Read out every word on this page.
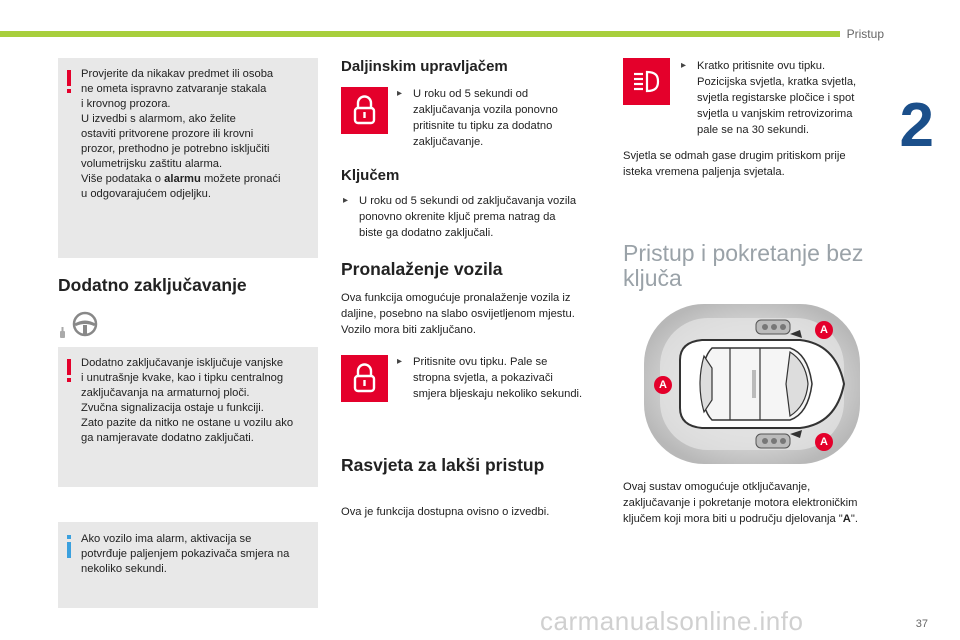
Pristup
2
37
carmanualsonline.info
Provjerite da nikakav predmet ili osoba
ne ometa ispravno zatvaranje stakala
i krovnog prozora.
U izvedbi s alarmom, ako želite
ostaviti pritvorene prozore ili krovni
prozor, prethodno je potrebno isključiti
volumetrijsku zaštitu alarma.
Više podataka o alarmu možete pronaći
u odgovarajućem odjeljku.
Dodatno zaključavanje
Dodatno zaključavanje isključuje vanjske
i unutrašnje kvake, kao i tipku centralnog
zaključavanja na armaturnoj ploči.
Zvučna signalizacija ostaje u funkciji.
Zato pazite da nitko ne ostane u vozilu ako
ga namjeravate dodatno zaključati.
Ako vozilo ima alarm, aktivacija se
potvrđuje paljenjem pokazivača smjera na
nekoliko sekundi.
Daljinskim upravljačem
▸ U roku od 5 sekundi od
zaključavanja vozila ponovno
pritisnite tu tipku za dodatno
zaključavanje.
Ključem
▸ U roku od 5 sekundi od zaključavanja vozila
ponovno okrenite ključ prema natrag da
biste ga dodatno zaključali.
Pronalaženje vozila
Ova funkcija omogućuje pronalaženje vozila iz
daljine, posebno na slabo osvijetljenom mjestu.
Vozilo mora biti zaključano.
▸ Pritisnite ovu tipku. Pale se
stropna svjetla, a pokazivači
smjera bljeskaju nekoliko sekundi.
Rasvjeta za lakši pristup
Ova je funkcija dostupna ovisno o izvedbi.
▸ Kratko pritisnite ovu tipku.
Pozicijska svjetla, kratka svjetla,
svjetla registarske pločice i spot
svjetla u vanjskim retrovizorima
pale se na 30 sekundi.
Svjetla se odmah gase drugim pritiskom prije
isteka vremena paljenja svjetala.
Pristup i pokretanje bez
ključa
A
A
A
Ovaj sustav omogućuje otključavanje,
zaključavanje i pokretanje motora elektroničkim
ključem koji mora biti u području djelovanja "A".
